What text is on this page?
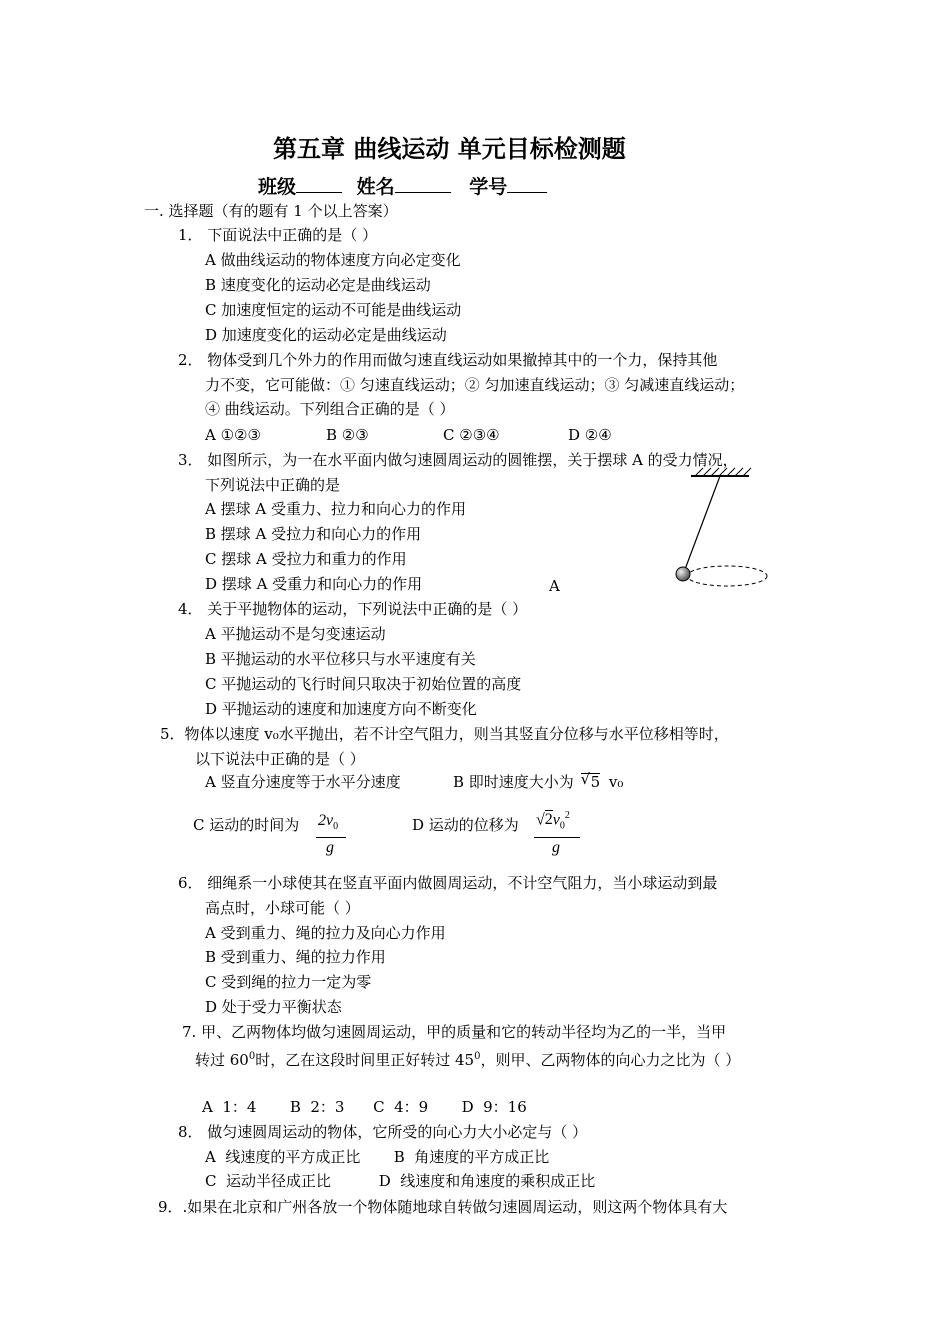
第五章 曲线运动 单元目标检测题
班级	姓名	学号
一. 选择题（有的题有 1 个以上答案）
1． 下面说法中正确的是（ ）
A 做曲线运动的物体速度方向必定变化
B 速度变化的运动必定是曲线运动
C 加速度恒定的运动不可能是曲线运动
D 加速度变化的运动必定是曲线运动
2． 物体受到几个外力的作用而做匀速直线运动如果撤掉其中的一个力，保持其他
力不变，它可能做：① 匀速直线运动；② 匀加速直线运动；③ 匀减速直线运动；
④ 曲线运动。下列组合正确的是（ ）
A ①②③	B ②③	C ②③④	D ②④
3． 如图所示，为一在水平面内做匀速圆周运动的圆锥摆，关于摆球 A 的受力情况，
下列说法中正确的是
A 摆球 A 受重力、拉力和向心力的作用
B 摆球 A 受拉力和向心力的作用
C 摆球 A 受拉力和重力的作用
D 摆球 A 受重力和向心力的作用	A
4． 关于平抛物体的运动，下列说法中正确的是（ ）
A 平抛运动不是匀变速运动
B 平抛运动的水平位移只与水平速度有关
C 平抛运动的飞行时间只取决于初始位置的高度
D 平抛运动的速度和加速度方向不断变化
5．物体以速度 v₀水平抛出，若不计空气阻力，则当其竖直分位移与水平位移相等时，
以下说法中正确的是（ ）
A 竖直分速度等于水平分速度	B 即时速度大小为 √ 5 v₀
C 运动的时间为 $2v_0$
g
D 运动的位移为 $√2v_0^2$
g
6． 细绳系一小球使其在竖直平面内做圆周运动，不计空气阻力，当小球运动到最
高点时，小球可能（ ）
A 受到重力、绳的拉力及向心力作用
B 受到重力、绳的拉力作用
C 受到绳的拉力一定为零
D 处于受力平衡状态
7. 甲、乙两物体均做匀速圆周运动，甲的质量和它的转动半径均为乙的一半，当甲
转过 $60^0$时，乙在这段时间里正好转过 $45^0$，则甲、乙两物体的向心力之比为（ ）
A  1：4       B  2：3      C  4：9       D  9：16
8． 做匀速圆周运动的物体，它所受的向心力大小必定与（ ）
A  线速度的平方成正比       B  角速度的平方成正比
C  运动半径成正比          D  线速度和角速度的乘积成正比
9．.如果在北京和广州各放一个物体随地球自转做匀速圆周运动，则这两个物体具有大
